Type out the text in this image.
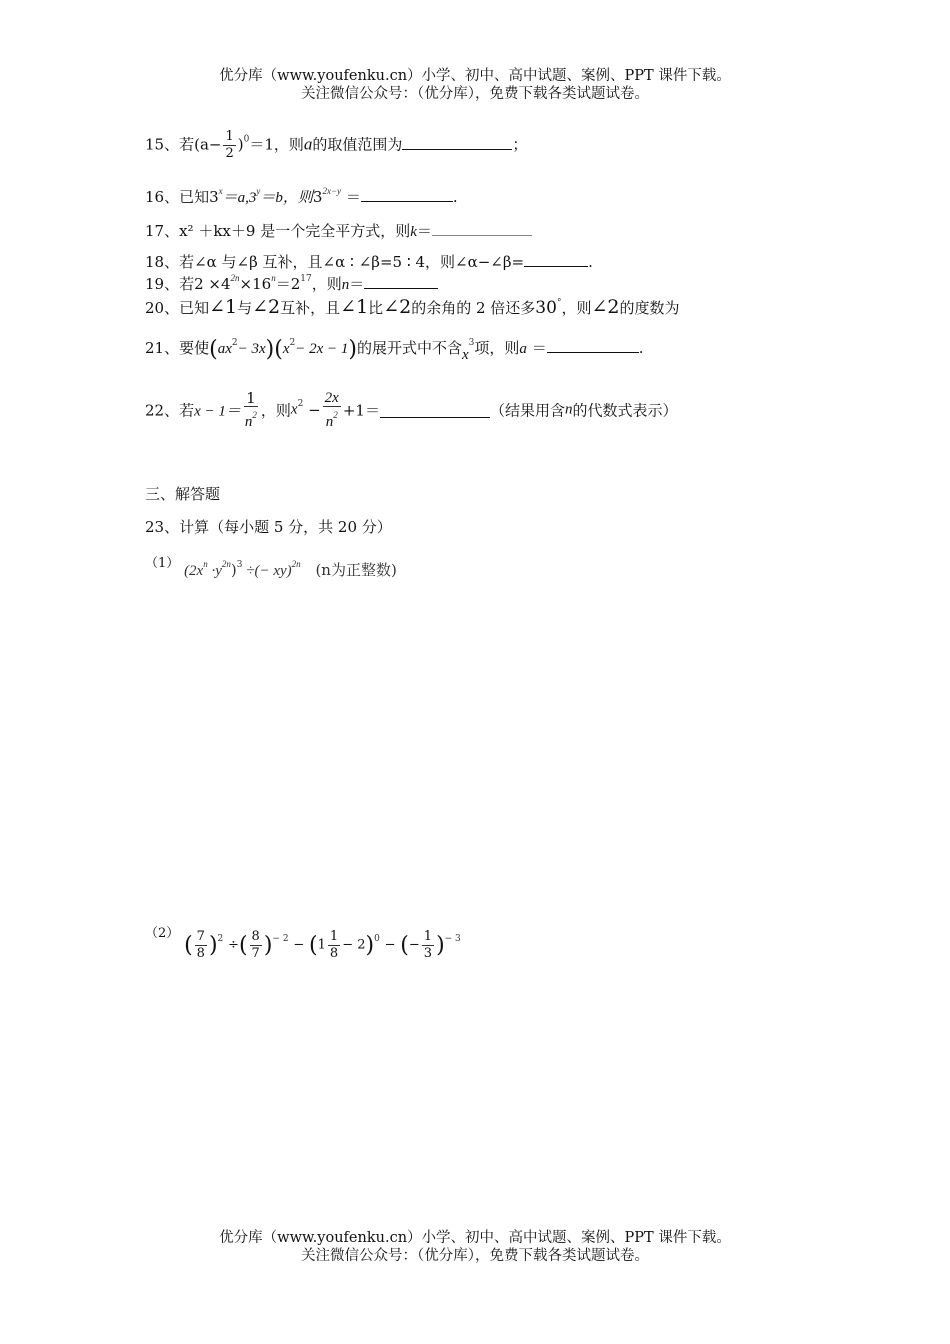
优分库（www.youfenku.cn）小学、初中、高中试题、案例、PPT 课件下载。
关注微信公众号：（优分库），免费下载各类试题试卷。
15、若$(a- \frac{1}{2} )^0=1$，则a的取值范围为	；
16、已知$3^x=a,3^y=b$，则$3^{2x-y}$ ＝	.
17、x² ＋kx＋9 是一个完全平方式，则k＝
18、若∠α 与∠β 互补，且∠α ∶ ∠β=5 ∶ 4，则∠α−∠β=	.
19、若$2 \times 4^{2n}\times 16^n=2^{17}$，则n＝
20、已知∠1与∠2互补，且∠1比∠2的余角的 2 倍还多30°，则∠2的度数为
21、要使$(ax^2- 3x)(x^2- 2x - 1)$的展开式中不含$x^3$项，则a ＝	.
22、若$x - 1= \frac{1}{n^2}$ ，则$x^2 - \frac{2x}{n^2} +1=$	（结果用含n的代数式表示）
三、解答题
23、计算（每小题 5 分，共 20 分）
（1） $(2x^n \cdot y^{2n})^3$ ÷(− xy)$^{2n}$ (n为正整数)
（2） ( $\frac{7}{8} )^2$ ÷( $\frac{8}{7} )^{- 2} - (1 \frac{1}{8} - 2)^0$ − (− $\frac{1}{3} )^{- 3}$
优分库（www.youfenku.cn）小学、初中、高中试题、案例、PPT 课件下载。
关注微信公众号：（优分库），免费下载各类试题试卷。
